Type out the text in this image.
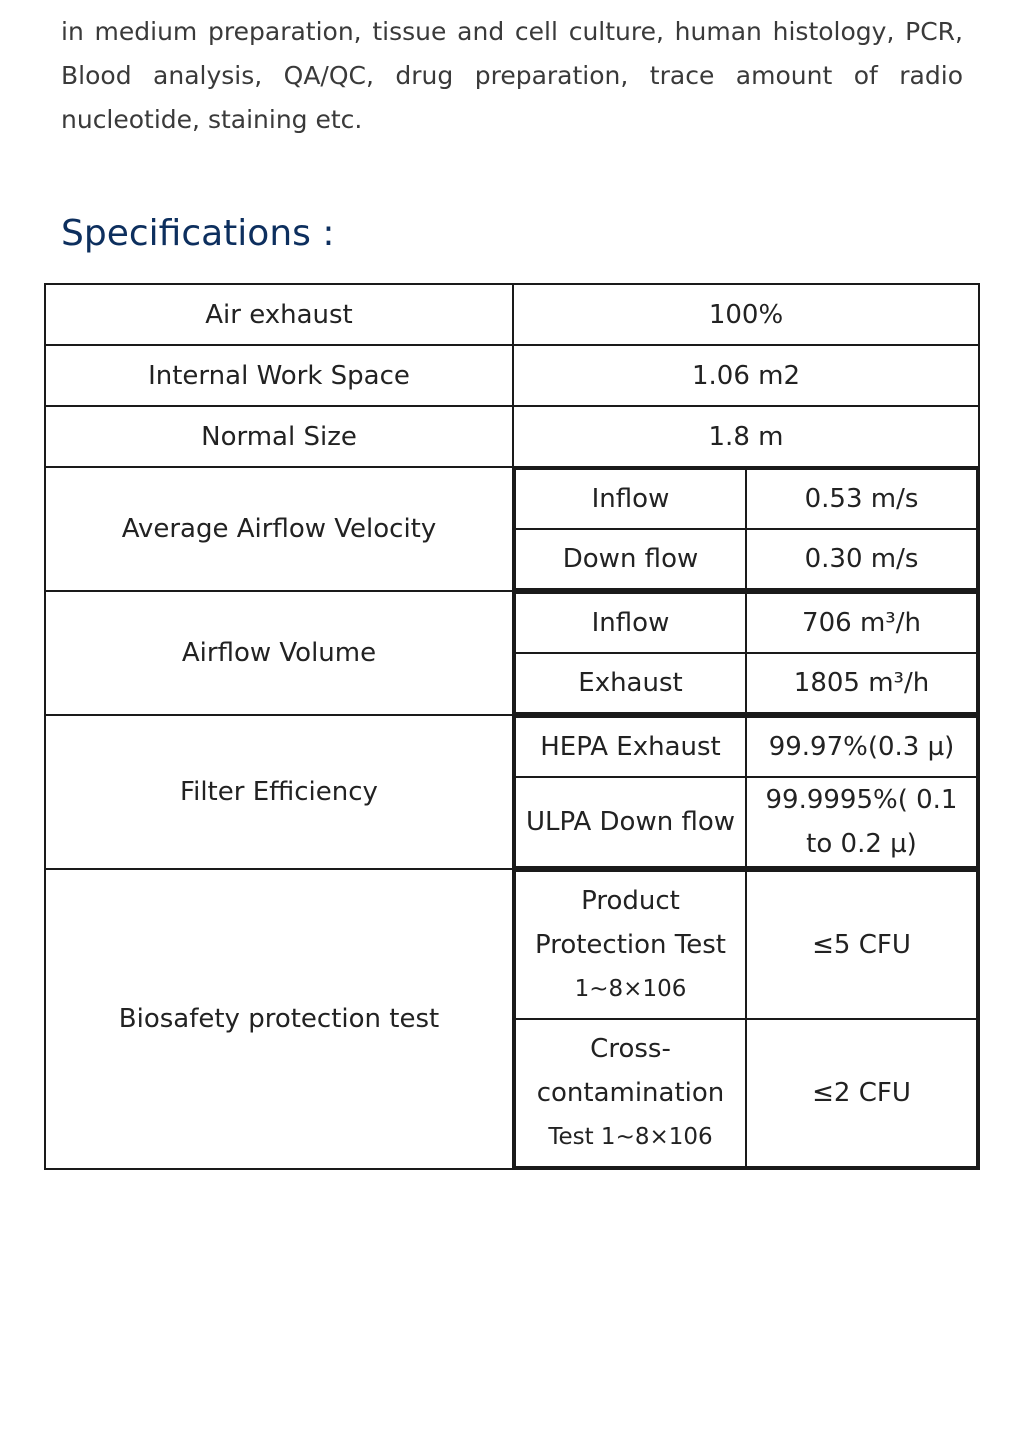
in medium preparation, tissue and cell culture, human histology, PCR,
Blood analysis, QA/QC, drug preparation, trace amount of radio
nucleotide, staining etc.
Specifications :
Air exhaust	100%
Internal Work Space	1.06 m2
Normal Size	1.8 m
Average Airflow Velocity	
Inflow	0.53 m/s
Down flow	0.30 m/s

Airflow Volume	
Inflow	706 m³/h
Exhaust	1805 m³/h

Filter Efficiency	
HEPA Exhaust	99.97%(0.3 µ)
ULPA Down flow	99.9995%( 0.1 to 0.2 µ)

Biosafety protection test	
Product Protection Test
1~8×106
	≤5 CFU

Cross-contamination
Test 1~8×106
	≤2 CFU
